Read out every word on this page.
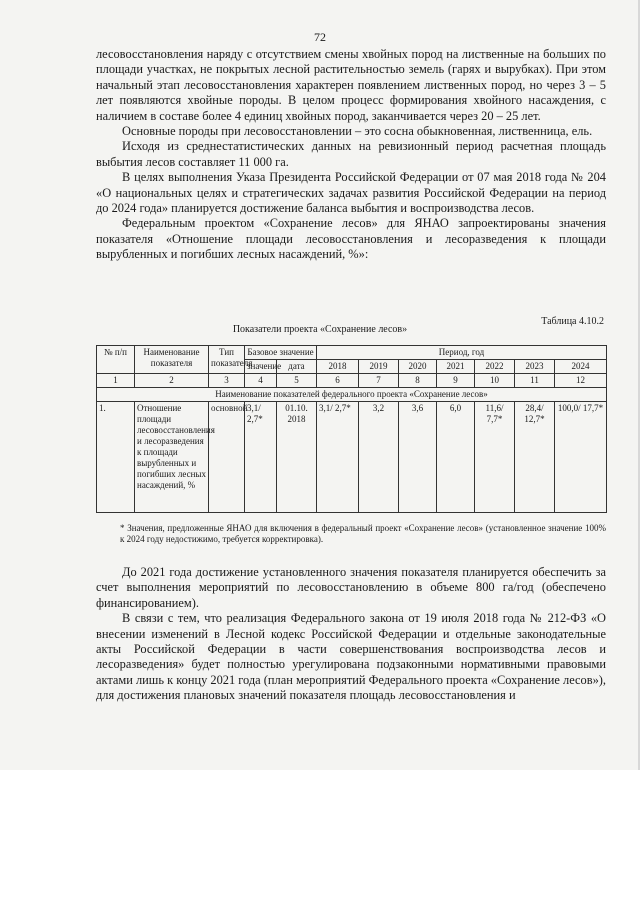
72

лесовосстановления наряду с отсутствием смены хвойных пород на лиственные на больших по площади участках, не покрытых лесной растительностью земель (гарях и вырубках). При этом начальный этап лесовосстановления характерен появлением лиственных пород, но через 3 – 5 лет появляются хвойные породы. В целом процесс формирования хвойного насаждения, с наличием в составе более 4 единиц хвойных пород, заканчивается через 20 – 25 лет.

Основные породы при лесовосстановлении – это сосна обыкновенная, лиственница, ель.

Исходя из среднестатистических данных на ревизионный период расчетная площадь выбытия лесов составляет 11 000 га.

В целях выполнения Указа Президента Российской Федерации от 07 мая 2018 года № 204 «О национальных целях и стратегических задачах развития Российской Федерации на период до 2024 года» планируется достижение баланса выбытия и воспроизводства лесов.

Федеральным проектом «Сохранение лесов» для ЯНАО запроектированы значения показателя «Отношение площади лесовосстановления и лесоразведения к площади вырубленных и погибших лесных насаждений, %»:

Таблица 4.10.2
Показатели проекта «Сохранение лесов»
№ п/п	Наименование показателя	Тип показателя	Базовое значение		Период, год						
			значение	дата	2018	2019	2020	2021	2022	2023	2024

1	2	3	4	5	6	7	8	9	10	11	12
Наименование показателей федерального проекта «Сохранение лесов»											
1.	Отношение площади лесовосстановления и лесоразведения к площади вырубленных и погибших лесных насаждений, %	основной	3,1/ 2,7*	01.10. 2018	3,1/ 2,7*	3,2	3,6	6,0	11,6/ 7,7*	28,4/ 12,7*	100,0/ 17,7*
* Значения, предложенные ЯНАО для включения в федеральный проект «Сохранение лесов» (установленное значение 100% к 2024 году недостижимо, требуется корректировка).

До 2021 года достижение установленного значения показателя планируется обеспечить за счет выполнения мероприятий по лесовосстановлению в объеме 800 га/год (обеспечено финансированием).

В связи с тем, что реализация Федерального закона от 19 июля 2018 года № 212-ФЗ «О внесении изменений в Лесной кодекс Российской Федерации и отдельные законодательные акты Российской Федерации в части совершенствования воспроизводства лесов и лесоразведения» будет полностью урегулирована подзаконными нормативными правовыми актами лишь к концу 2021 года (план мероприятий Федерального проекта «Сохранение лесов»), для достижения плановых значений показателя площадь лесовосстановления и
